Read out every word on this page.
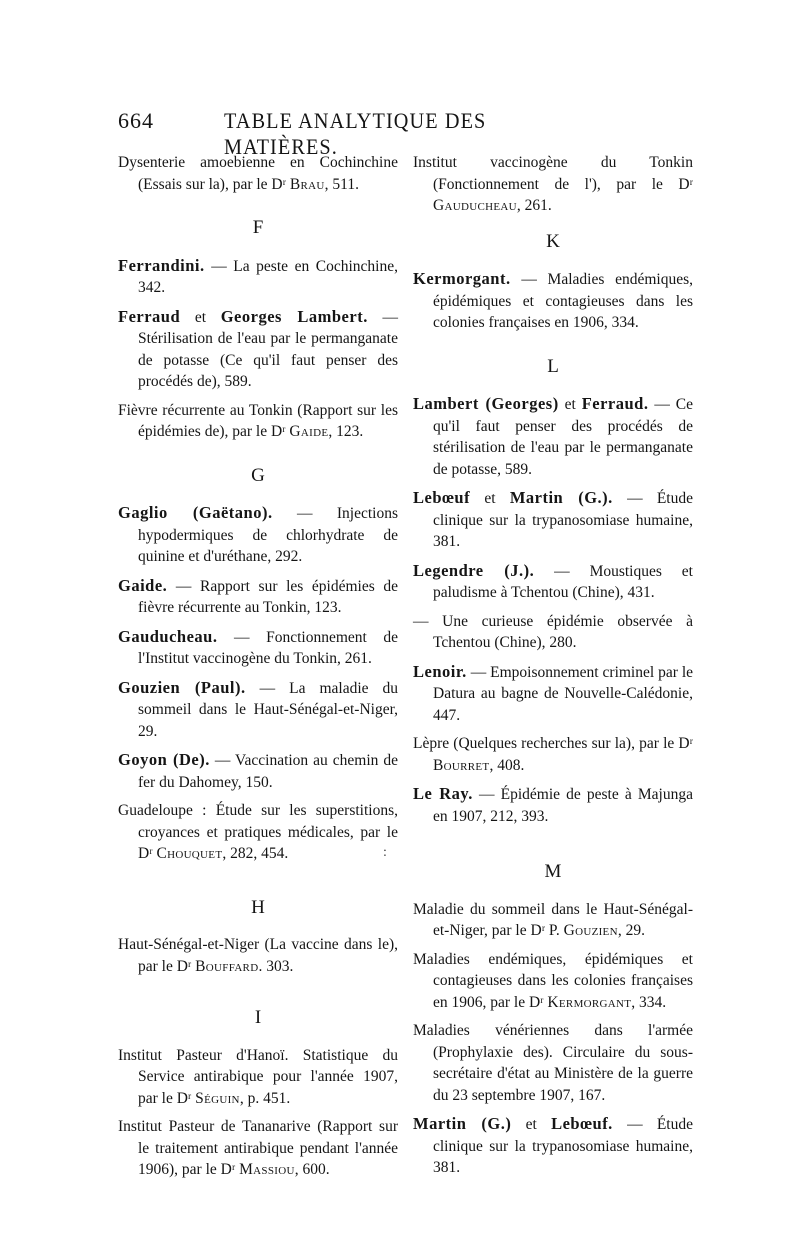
664	TABLE ANALYTIQUE DES MATIÈRES.

Dysenterie amoebienne en Cochinchine (Essais sur la), par le Dʳ Brau, 511.

F

Ferrandini. — La peste en Cochinchine, 342.

Ferraud et Georges Lambert. — Stérilisation de l'eau par le permanganate de potasse (Ce qu'il faut penser des procédés de), 589.

Fièvre récurrente au Tonkin (Rapport sur les épidémies de), par le Dʳ Gaide, 123.

G

Gaglio (Gaëtano). — Injections hypodermiques de chlorhydrate de quinine et d'uréthane, 292.

Gaide. — Rapport sur les épidémies de fièvre récurrente au Tonkin, 123.

Gauducheau. — Fonctionnement de l'Institut vaccinogène du Tonkin, 261.

Gouzien (Paul). — La maladie du sommeil dans le Haut-Sénégal-et-Niger, 29.

Goyon (De). — Vaccination au chemin de fer du Dahomey, 150.

Guadeloupe : Étude sur les superstitions, croyances et pratiques médicales, par le Dʳ Chouquet, 282, 454.

H

Haut-Sénégal-et-Niger (La vaccine dans le), par le Dʳ Bouffard. 303.

I

Institut Pasteur d'Hanoï. Statistique du Service antirabique pour l'année 1907, par le Dʳ Séguin, p. 451.

Institut Pasteur de Tananarive (Rapport sur le traitement antirabique pendant l'année 1906), par le Dʳ Massiou, 600.

:

Institut vaccinogène du Tonkin (Fonctionnement de l'), par le Dʳ Gauducheau, 261.

K

Kermorgant. — Maladies endémiques, épidémiques et contagieuses dans les colonies françaises en 1906, 334.

L

Lambert (Georges) et Ferraud. — Ce qu'il faut penser des procédés de stérilisation de l'eau par le permanganate de potasse, 589.

Lebœuf et Martin (G.). — Étude clinique sur la trypanosomiase humaine, 381.

Legendre (J.). — Moustiques et paludisme à Tchentou (Chine), 431.

— Une curieuse épidémie observée à Tchentou (Chine), 280.

Lenoir. — Empoisonnement criminel par le Datura au bagne de Nouvelle-Calédonie, 447.

Lèpre (Quelques recherches sur la), par le Dʳ Bourret, 408.

Le Ray. — Épidémie de peste à Majunga en 1907, 212, 393.

M

Maladie du sommeil dans le Haut-Sénégal-et-Niger, par le Dʳ P. Gouzien, 29.

Maladies endémiques, épidémiques et contagieuses dans les colonies françaises en 1906, par le Dʳ Kermorgant, 334.

Maladies vénériennes dans l'armée (Prophylaxie des). Circulaire du sous-secrétaire d'état au Ministère de la guerre du 23 septembre 1907, 167.

Martin (G.) et Lebœuf. — Étude clinique sur la trypanosomiase humaine, 381.
